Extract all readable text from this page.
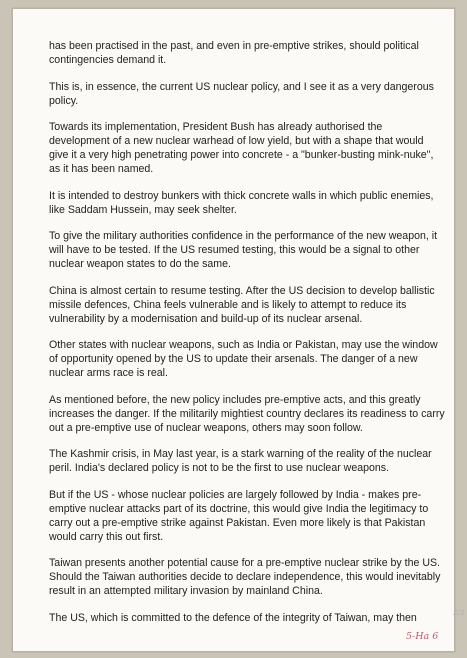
has been practised in the past, and even in pre-emptive strikes, should political contingencies demand it.

This is, in essence, the current US nuclear policy, and I see it as a very dangerous policy.

Towards its implementation, President Bush has already authorised the development of a new nuclear warhead of low yield, but with a shape that would give it a very high penetrating power into concrete - a "bunker-busting mink-nuke", as it has been named.

It is intended to destroy bunkers with thick concrete walls in which public enemies, like Saddam Hussein, may seek shelter.

To give the military authorities confidence in the performance of the new weapon, it will have to be tested. If the US resumed testing, this would be a signal to other nuclear weapon states to do the same.

China is almost certain to resume testing. After the US decision to develop ballistic missile defences, China feels vulnerable and is likely to attempt to reduce its vulnerability by a modernisation and build-up of its nuclear arsenal.

Other states with nuclear weapons, such as India or Pakistan, may use the window of opportunity opened by the US to update their arsenals. The danger of a new nuclear arms race is real.

As mentioned before, the new policy includes pre-emptive acts, and this greatly increases the danger. If the militarily mightiest country declares its readiness to carry out a pre-emptive use of nuclear weapons, others may soon follow.

The Kashmir crisis, in May last year, is a stark warning of the reality of the nuclear peril. India's declared policy is not to be the first to use nuclear weapons.

But if the US - whose nuclear policies are largely followed by India - makes pre-emptive nuclear attacks part of its doctrine, this would give India the legitimacy to carry out a pre-emptive strike against Pakistan. Even more likely is that Pakistan would carry this out first.

Taiwan presents another potential cause for a pre-emptive nuclear strike by the US. Should the Taiwan authorities decide to declare independence, this would inevitably result in an attempted military invasion by mainland China.

The US, which is committed to the defence of the integrity of Taiwan, may then	2/3
5-Ha 6
